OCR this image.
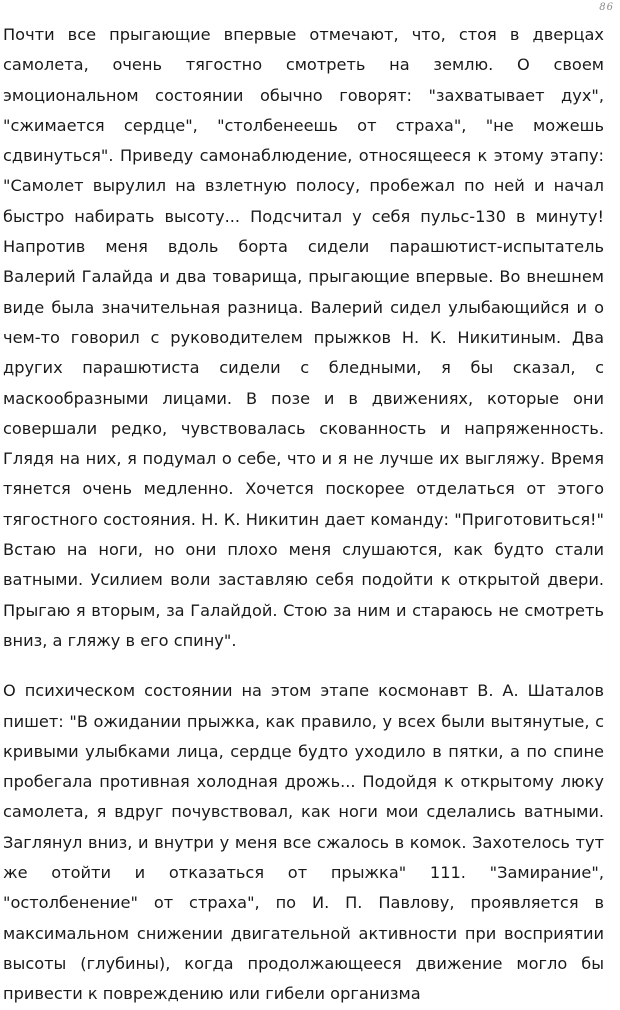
86

Почти все прыгающие впервые отмечают, что, стоя в дверцах самолета, очень тягостно смотреть на землю. О своем эмоциональном состоянии обычно говорят: "захватывает дух", "сжимается сердце", "столбенеешь от страха", "не можешь сдвинуться". Приведу самонаблюдение, относящееся к этому этапу: "Самолет вырулил на взлетную полосу, пробежал по ней и начал быстро набирать высоту... Подсчитал у себя пульс-130 в минуту! Напротив меня вдоль борта сидели парашютист-испытатель Валерий Галайда и два товарища, прыгающие впервые. Во внешнем виде была значительная разница. Валерий сидел улыбающийся и о чем-то говорил с руководителем прыжков Н. К. Никитиным. Два других парашютиста сидели с бледными, я бы сказал, с маскообразными лицами. В позе и в движениях, которые они совершали редко, чувствовалась скованность и напряженность. Глядя на них, я подумал о себе, что и я не лучше их выгляжу. Время тянется очень медленно. Хочется поскорее отделаться от этого тягостного состояния. Н. К. Никитин дает команду: "Приготовиться!" Встаю на ноги, но они плохо меня слушаются, как будто стали ватными. Усилием воли заставляю себя подойти к открытой двери. Прыгаю я вторым, за Галайдой. Стою за ним и стараюсь не смотреть вниз, а гляжу в его спину".

О психическом состоянии на этом этапе космонавт В. А. Шаталов пишет: "В ожидании прыжка, как правило, у всех были вытянутые, с кривыми улыбками лица, сердце будто уходило в пятки, а по спине пробегала противная холодная дрожь... Подойдя к открытому люку самолета, я вдруг почувствовал, как ноги мои сделались ватными. Заглянул вниз, и внутри у меня все сжалось в комок. Захотелось тут же отойти и отказаться от прыжка" 111. "Замирание", "остолбенение" от страха", по И. П. Павлову, проявляется в максимальном снижении двигательной активности при восприятии высоты (глубины), когда продолжающееся движение могло бы привести к повреждению или гибели организма
